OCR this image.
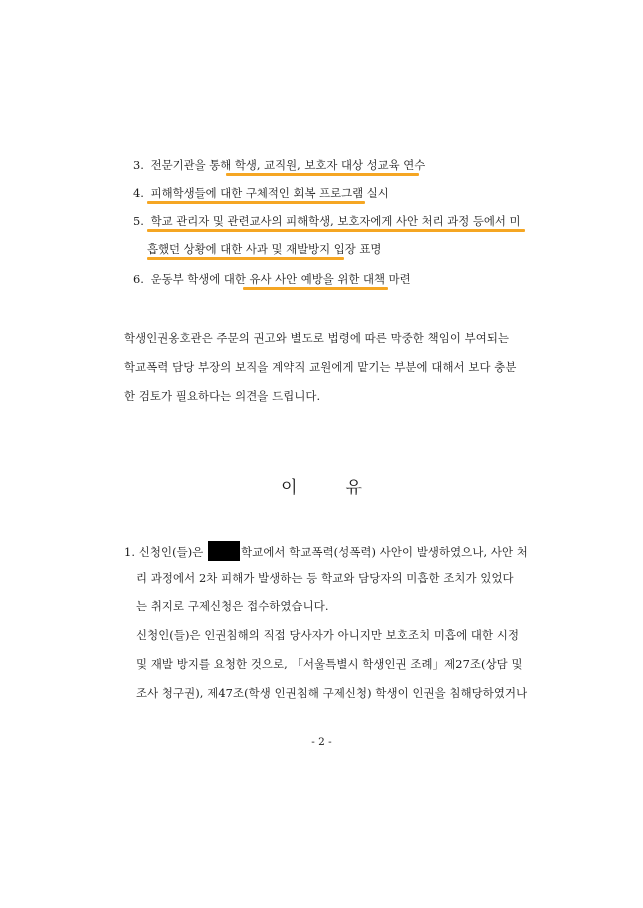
3. 전문기관을 통해 학생, 교직원, 보호자 대상 성교육 연수
4. 피해학생들에 대한 구체적인 회복 프로그램 실시
5. 학교 관리자 및 관련교사의 피해학생, 보호자에게 사안 처리 과정 등에서 미
흡했던 상황에 대한 사과 및 재발방지 입장 표명
6. 운동부 학생에 대한 유사 사안 예방을 위한 대책 마련
학생인권옹호관은 주문의 권고와 별도로 법령에 따른 막중한 책임이 부여되는
학교폭력 담당 부장의 보직을 계약직 교원에게 맡기는 부분에 대해서 보다 충분
한 검토가 필요하다는 의견을 드립니다.
이	유
1. 신청인(들)은	학교에서 학교폭력(성폭력) 사안이 발생하였으나, 사안 처
리 과정에서 2차 피해가 발생하는 등 학교와 담당자의 미흡한 조치가 있었다
는 취지로 구제신청은 접수하였습니다.
신청인(들)은 인권침해의 직접 당사자가 아니지만 보호조치 미흡에 대한 시정
및 재발 방지를 요청한 것으로, 「서울특별시 학생인권 조례」제27조(상담 및
조사 청구권), 제47조(학생 인권침해 구제신청) 학생이 인권을 침해당하였거나
- 2 -
